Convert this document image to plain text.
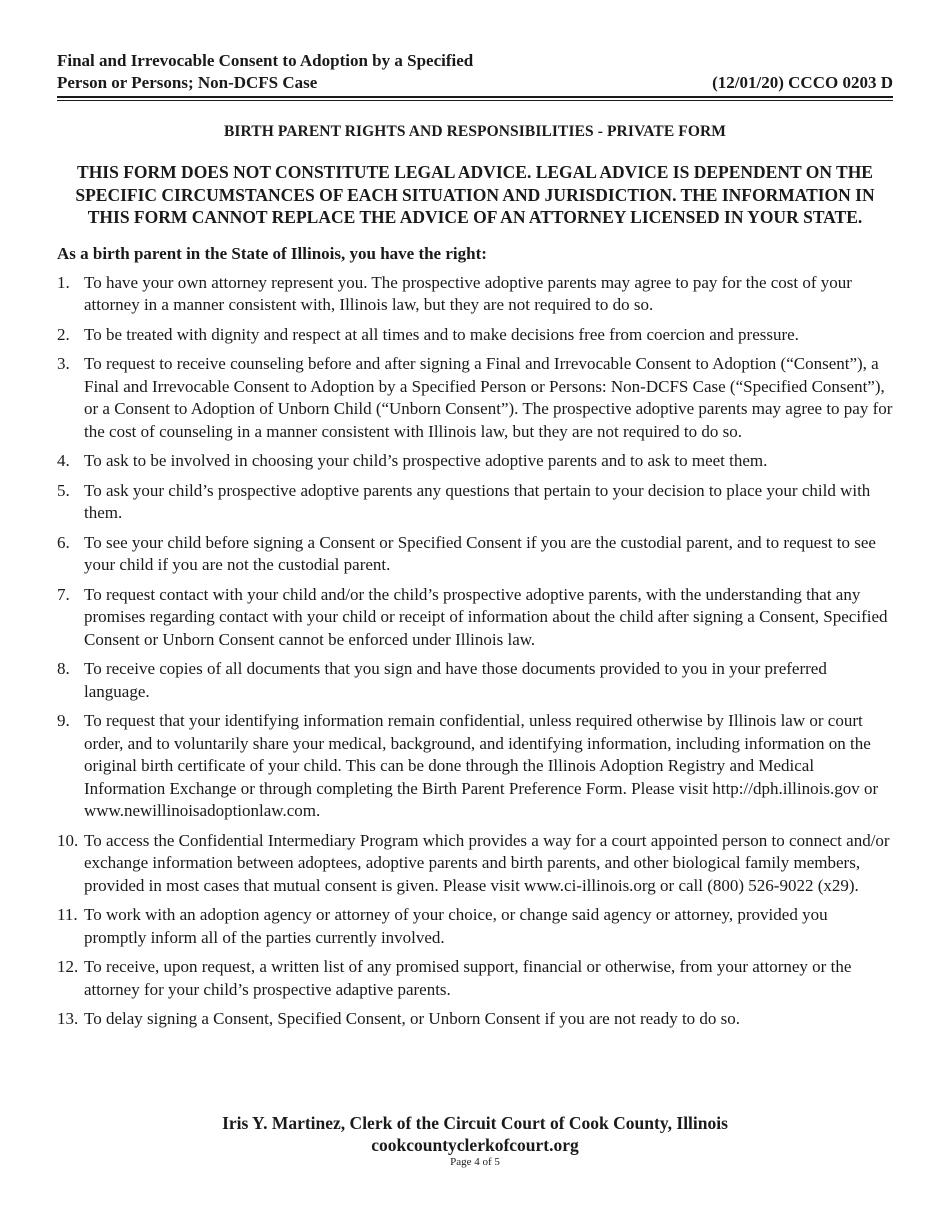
Final and Irrevocable Consent to Adoption by a Specified
Person or Persons; Non-DCFS Case	(12/01/20) CCCO 0203 D
BIRTH PARENT RIGHTS AND RESPONSIBILITIES - PRIVATE FORM
THIS FORM DOES NOT CONSTITUTE LEGAL ADVICE. LEGAL ADVICE IS DEPENDENT ON THE SPECIFIC CIRCUMSTANCES OF EACH SITUATION AND JURISDICTION. THE INFORMATION IN THIS FORM CANNOT REPLACE THE ADVICE OF AN ATTORNEY LICENSED IN YOUR STATE.
As a birth parent in the State of Illinois, you have the right:
1. To have your own attorney represent you. The prospective adoptive parents may agree to pay for the cost of your attorney in a manner consistent with, Illinois law, but they are not required to do so.
2. To be treated with dignity and respect at all times and to make decisions free from coercion and pressure.
3. To request to receive counseling before and after signing a Final and Irrevocable Consent to Adoption (“Consent”), a Final and Irrevocable Consent to Adoption by a Specified Person or Persons: Non-DCFS Case (“Specified Consent”), or a Consent to Adoption of Unborn Child (“Unborn Consent”). The prospective adoptive parents may agree to pay for the cost of counseling in a manner consistent with Illinois law, but they are not required to do so.
4. To ask to be involved in choosing your child’s prospective adoptive parents and to ask to meet them.
5. To ask your child’s prospective adoptive parents any questions that pertain to your decision to place your child with them.
6. To see your child before signing a Consent or Specified Consent if you are the custodial parent, and to request to see your child if you are not the custodial parent.
7. To request contact with your child and/or the child’s prospective adoptive parents, with the understanding that any promises regarding contact with your child or receipt of information about the child after signing a Consent, Specified Consent or Unborn Consent cannot be enforced under Illinois law.
8. To receive copies of all documents that you sign and have those documents provided to you in your preferred language.
9. To request that your identifying information remain confidential, unless required otherwise by Illinois law or court order, and to voluntarily share your medical, background, and identifying information, including information on the original birth certificate of your child. This can be done through the Illinois Adoption Registry and Medical Information Exchange or through completing the Birth Parent Preference Form. Please visit http://dph.illinois.gov or www.newillinoisadoptionlaw.com.
10. To access the Confidential Intermediary Program which provides a way for a court appointed person to connect and/or exchange information between adoptees, adoptive parents and birth parents, and other biological family members, provided in most cases that mutual consent is given. Please visit www.ci-illinois.org or call (800) 526-9022 (x29).
11. To work with an adoption agency or attorney of your choice, or change said agency or attorney, provided you promptly inform all of the parties currently involved.
12. To receive, upon request, a written list of any promised support, financial or otherwise, from your attorney or the attorney for your child’s prospective adaptive parents.
13. To delay signing a Consent, Specified Consent, or Unborn Consent if you are not ready to do so.
Iris Y. Martinez, Clerk of the Circuit Court of Cook County, Illinois
cookcountyclerkofcourt.org
Page 4 of 5
